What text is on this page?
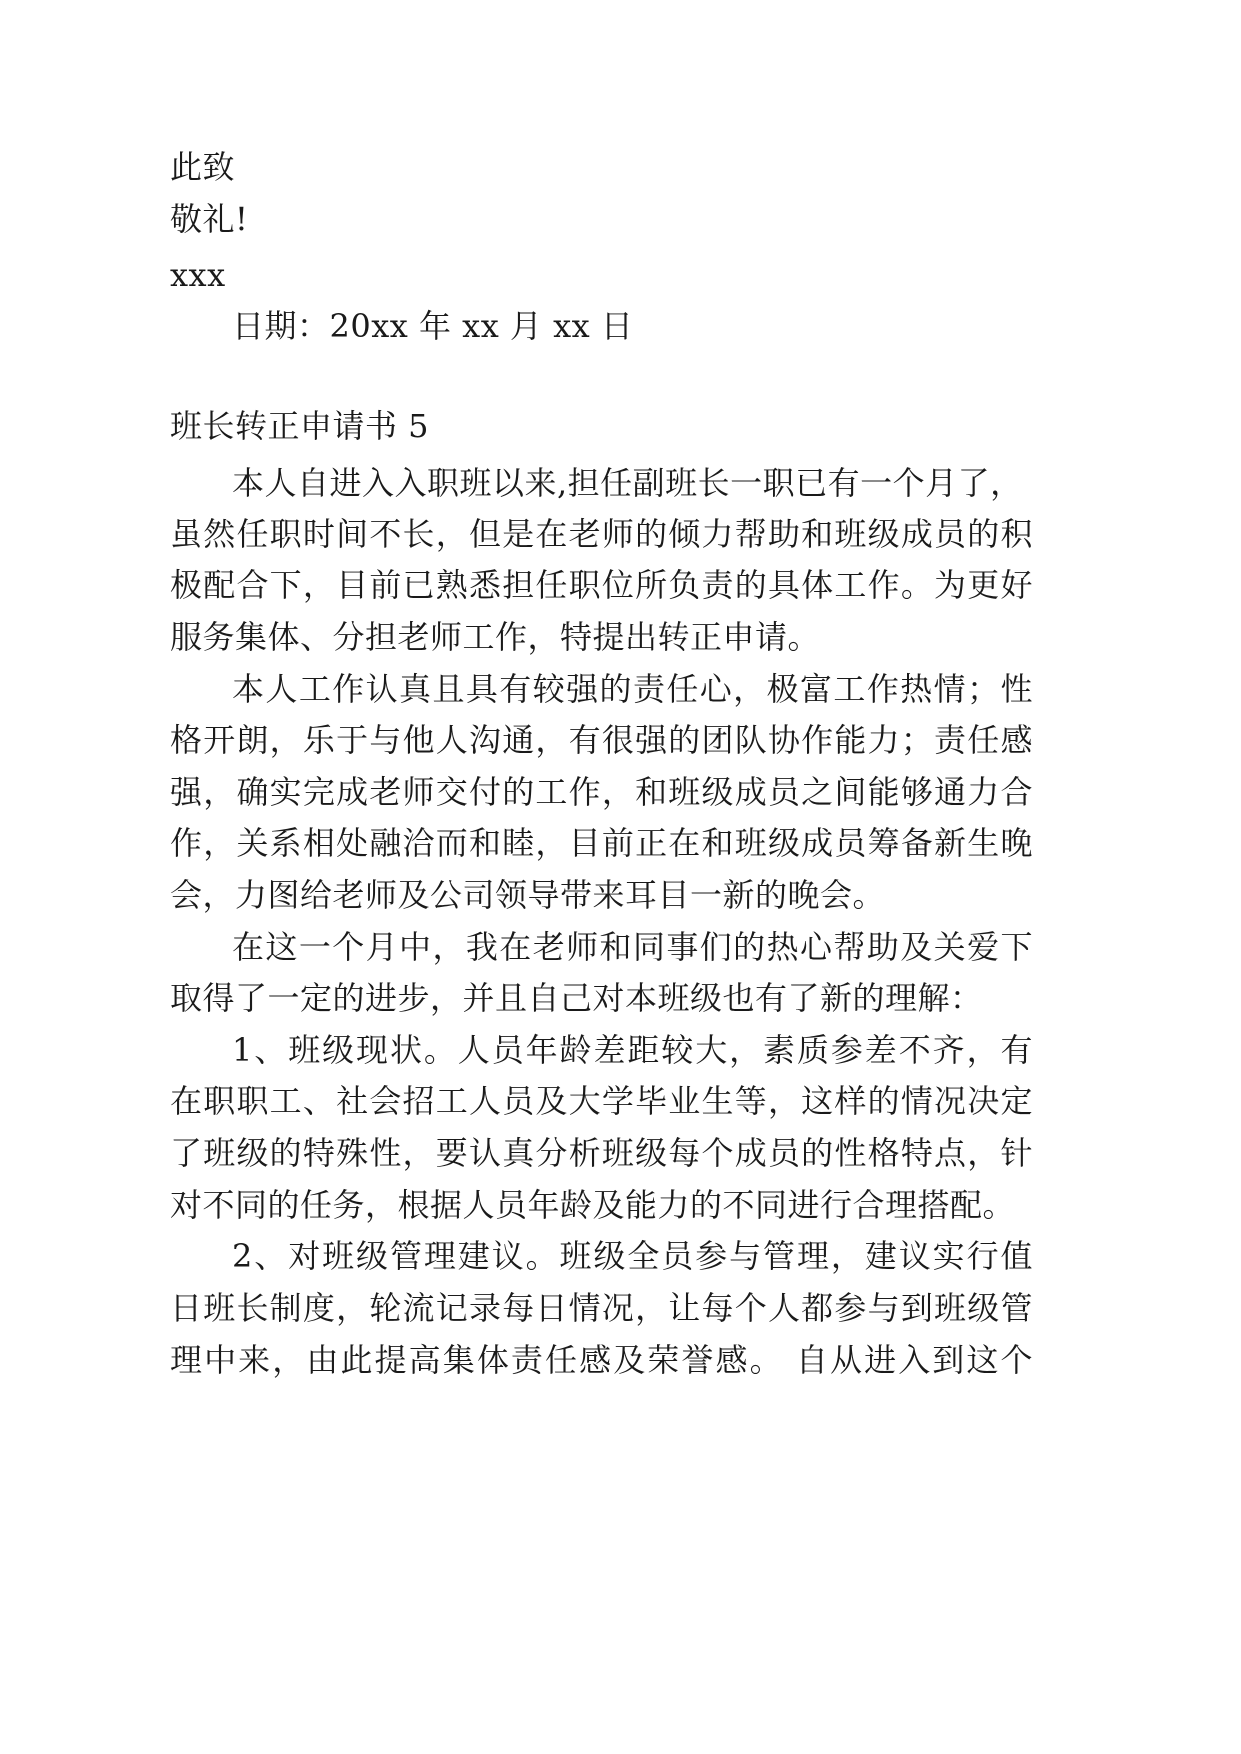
此致
敬礼!
xxx
日期：20xx 年 xx 月 xx 日
班长转正申请书 5
本人自进入入职班以来,担任副班长一职已有一个月了，
虽然任职时间不长，但是在老师的倾力帮助和班级成员的积
极配合下，目前已熟悉担任职位所负责的具体工作。为更好
服务集体、分担老师工作，特提出转正申请。
本人工作认真且具有较强的责任心，极富工作热情；性
格开朗，乐于与他人沟通，有很强的团队协作能力；责任感
强，确实完成老师交付的工作，和班级成员之间能够通力合
作，关系相处融洽而和睦，目前正在和班级成员筹备新生晚
会，力图给老师及公司领导带来耳目一新的晚会。
在这一个月中，我在老师和同事们的热心帮助及关爱下
取得了一定的进步，并且自己对本班级也有了新的理解：
1、班级现状。人员年龄差距较大，素质参差不齐，有
在职职工、社会招工人员及大学毕业生等，这样的情况决定
了班级的特殊性，要认真分析班级每个成员的性格特点，针
对不同的任务，根据人员年龄及能力的不同进行合理搭配。
2、对班级管理建议。班级全员参与管理，建议实行值
日班长制度，轮流记录每日情况，让每个人都参与到班级管
理中来，由此提高集体责任感及荣誉感。 自从进入到这个
